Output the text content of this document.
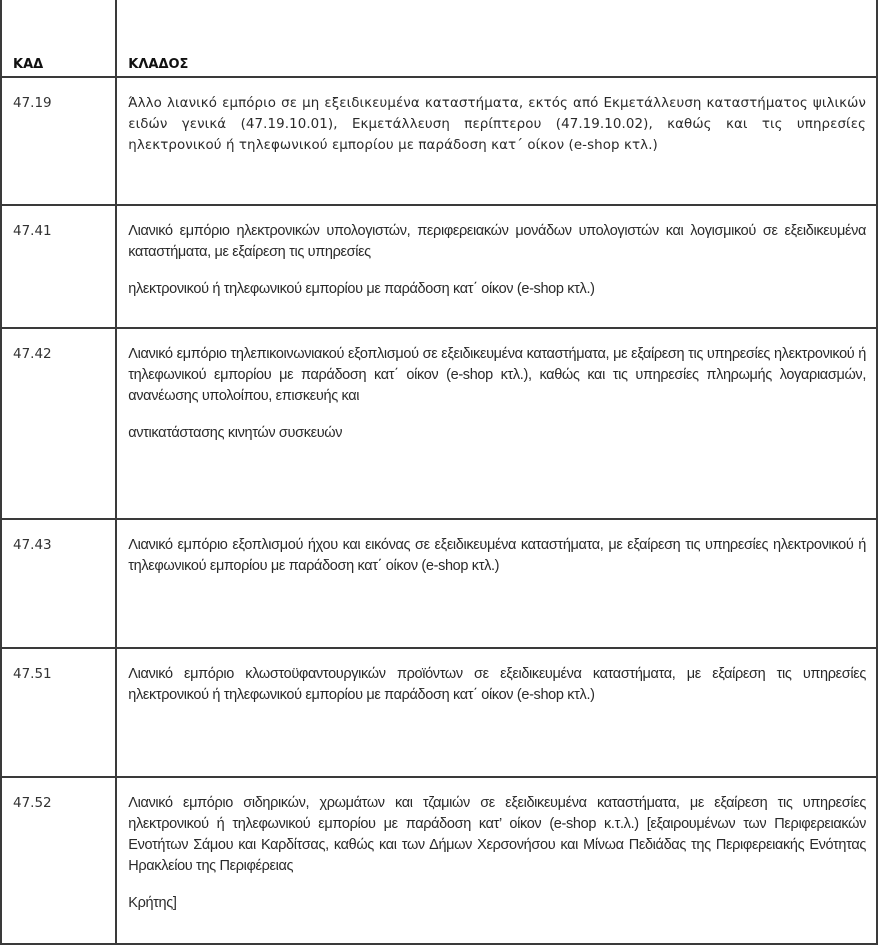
ΚΑΔ	ΚΛΑΔΟΣ

47.19	Άλλο λιανικό εμπόριο σε μη εξειδικευμένα καταστήματα, εκτός από Εκμετάλλευση καταστήματος ψιλικών ειδών γενικά (47.19.10.01), Εκμετάλλευση περίπτερου (47.19.10.02), καθώς και τις υπηρεσίες ηλεκτρονικού ή τηλεφωνικού εμπορίου με παράδοση κατ΄ οίκον (e-shop κτλ.)

47.41	Λιανικό εμπόριο ηλεκτρονικών υπολογιστών, περιφερειακών μονάδων υπολογιστών και λογισμικού σε εξειδικευμένα καταστήματα, με εξαίρεση τις υπηρεσίες

ηλεκτρονικού ή τηλεφωνικού εμπορίου με παράδοση κατ΄ οίκον (e-shop κτλ.)

47.42	Λιανικό εμπόριο τηλεπικοινωνιακού εξοπλισμού σε εξειδικευμένα καταστήματα, με εξαίρεση τις υπηρεσίες ηλεκτρονικού ή τηλεφωνικού εμπορίου με παράδοση κατ΄ οίκον (e-shop κτλ.), καθώς και τις υπηρεσίες πληρωμής λογαριασμών, ανανέωσης υπολοίπου, επισκευής και

αντικατάστασης κινητών συσκευών

47.43	Λιανικό εμπόριο εξοπλισμού ήχου και εικόνας σε εξειδικευμένα καταστήματα, με εξαίρεση τις υπηρεσίες ηλεκτρονικού ή τηλεφωνικού εμπορίου με παράδοση κατ΄ οίκον (e-shop κτλ.)

47.51	Λιανικό εμπόριο κλωστοϋφαντουργικών προϊόντων σε εξειδικευμένα καταστήματα, με εξαίρεση τις υπηρεσίες ηλεκτρονικού ή τηλεφωνικού εμπορίου με παράδοση κατ΄ οίκον (e-shop κτλ.)

47.52	Λιανικό εμπόριο σιδηρικών, χρωμάτων και τζαμιών σε εξειδικευμένα καταστήματα, με εξαίρεση τις υπηρεσίες ηλεκτρονικού ή τηλεφωνικού εμπορίου με παράδοση κατ’ οίκον (e-shop κ.τ.λ.) [εξαιρουμένων των Περιφερειακών Ενοτήτων Σάμου και Καρδίτσας, καθώς και των Δήμων Χερσονήσου και Μίνωα Πεδιάδας της Περιφερειακής Ενότητας Ηρακλείου της Περιφέρειας

Κρήτης]
